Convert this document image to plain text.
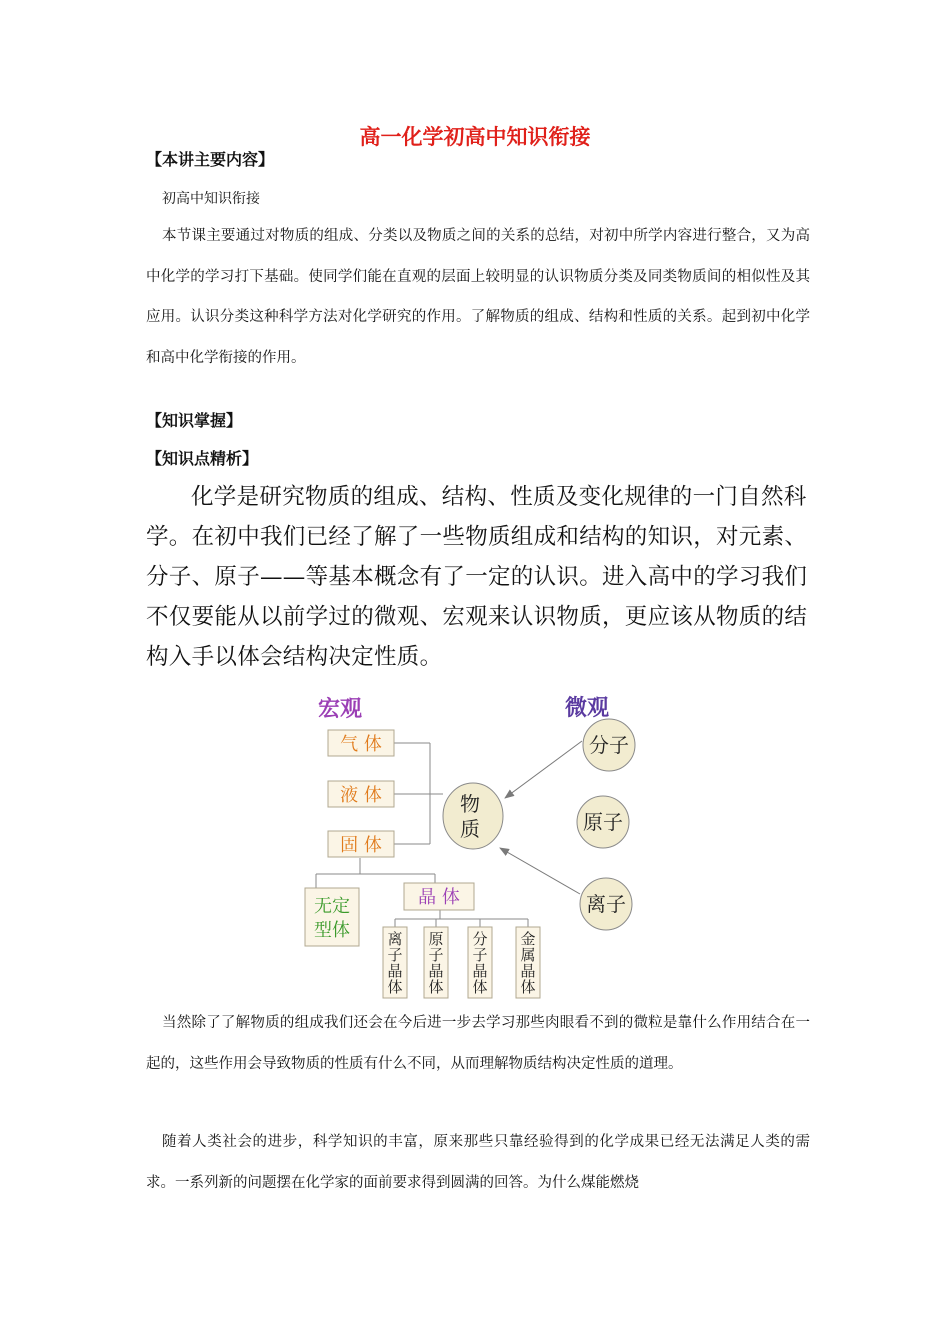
高一化学初高中知识衔接
【本讲主要内容】
初高中知识衔接
本节课主要通过对物质的组成、分类以及物质之间的关系的总结，对初中所学内容进行整合，又为高中化学的学习打下基础。使同学们能在直观的层面上较明显的认识物质分类及同类物质间的相似性及其应用。认识分类这种科学方法对化学研究的作用。了解物质的组成、结构和性质的关系。起到初中化学和高中化学衔接的作用。
【知识掌握】
【知识点精析】
化学是研究物质的组成、结构、性质及变化规律的一门自然科学。在初中我们已经了解了一些物质组成和结构的知识，对元素、分子、原子——等基本概念有了一定的认识。进入高中的学习我们不仅要能从以前学过的微观、宏观来认识物质，更应该从物质的结构入手以体会结构决定性质。
宏观	微观
气 体
液 体
固 体
物
质
分子
原子
离子
无定
型体
晶 体
离
子
晶
体
原
子
晶
体
分
子
晶
体
金
属
晶
体
当然除了了解物质的组成我们还会在今后进一步去学习那些肉眼看不到的微粒是靠什么作用结合在一起的，这些作用会导致物质的性质有什么不同，从而理解物质结构决定性质的道理。
随着人类社会的进步，科学知识的丰富，原来那些只靠经验得到的化学成果已经无法满足人类的需求。一系列新的问题摆在化学家的面前要求得到圆满的回答。为什么煤能燃烧
